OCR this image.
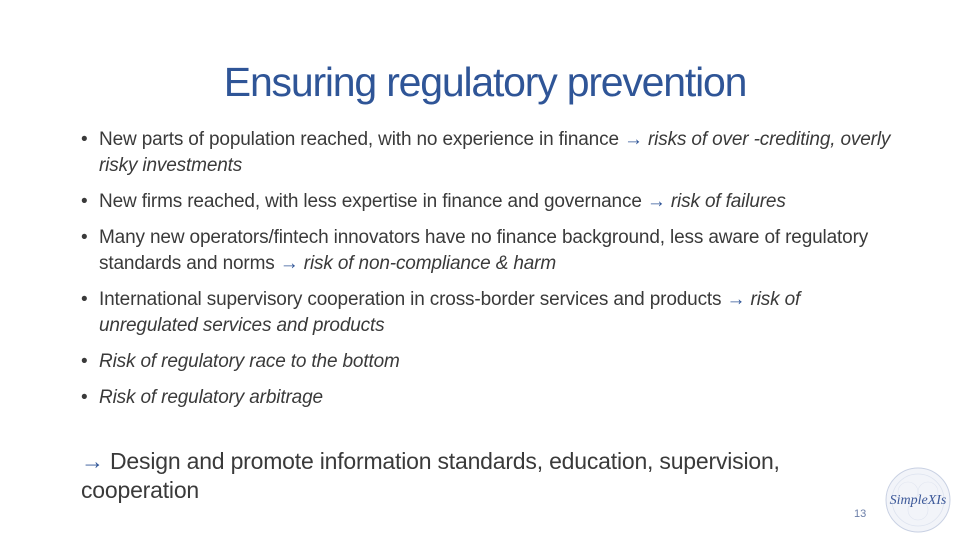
Ensuring regulatory prevention
• New parts of population reached, with no experience in finance → risks of over -crediting, overly risky investments
• New firms reached, with less expertise in finance and governance → risk of failures
• Many new operators/fintech innovators have no finance background, less aware of regulatory standards and norms → risk of non-compliance & harm
• International supervisory cooperation in cross-border services and products → risk of unregulated services and products
• Risk of regulatory race to the bottom
• Risk of regulatory arbitrage
→ Design and promote information standards, education, supervision, cooperation	SimpleXIs
13
